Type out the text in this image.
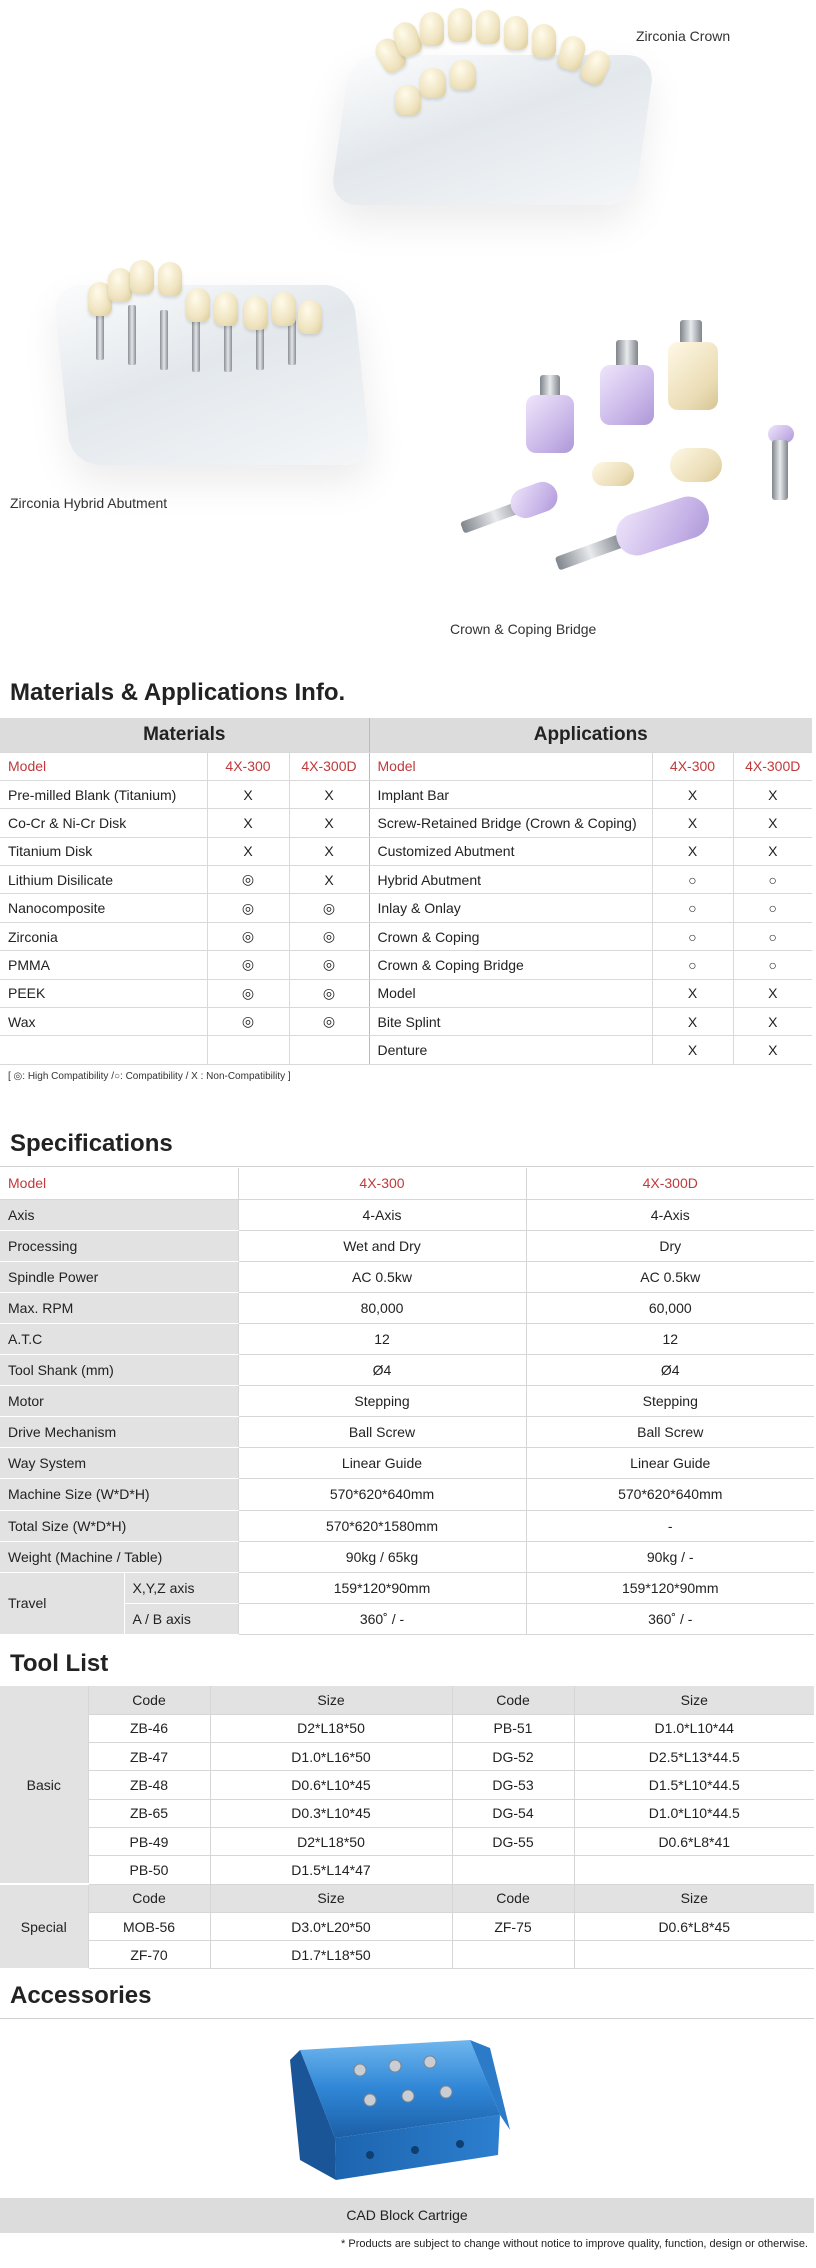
Zirconia Crown
Zirconia Hybrid Abutment
Crown & Coping Bridge
Materials & Applications Info.
Materials			Applications		
Model	4X-300	4X-300D	Model	4X-300	4X-300D
Pre-milled Blank (Titanium)	X	X	Implant Bar	X	X
Co-Cr & Ni-Cr Disk	X	X	Screw-Retained Bridge (Crown & Coping)	X	X
Titanium Disk	X	X	Customized Abutment	X	X
Lithium Disilicate	◎	X	Hybrid Abutment	○	○
Nanocomposite	◎	◎	Inlay & Onlay	○	○
Zirconia	◎	◎	Crown & Coping	○	○
PMMA	◎	◎	Crown & Coping Bridge	○	○
PEEK	◎	◎	Model	X	X
Wax	◎	◎	Bite Splint	X	X
			Denture	X	X
[ ◎: High Compatibility /○: Compatibility / X : Non-Compatibility ]
Specifications
Model		4X-300	4X-300D
Axis		4-Axis	4-Axis
Processing		Wet and Dry	Dry
Spindle Power		AC 0.5kw	AC 0.5kw
Max. RPM		80,000	60,000
A.T.C		12	12
Tool Shank (mm)		Ø4	Ø4
Motor		Stepping	Stepping
Drive Mechanism		Ball Screw	Ball Screw
Way System		Linear Guide	Linear Guide
Machine Size (W*D*H)		570*620*640mm	570*620*640mm
Total Size (W*D*H)		570*620*1580mm	-
Weight (Machine / Table)		90kg / 65kg	90kg / -
Travel	X,Y,Z axis	159*120*90mm	159*120*90mm
	A / B axis	360˚ / -	360˚ / -
Tool List
Basic	Code	Size	Code	Size
	ZB-46	D2*L18*50	PB-51	D1.0*L10*44
	ZB-47	D1.0*L16*50	DG-52	D2.5*L13*44.5
	ZB-48	D0.6*L10*45	DG-53	D1.5*L10*44.5
	ZB-65	D0.3*L10*45	DG-54	D1.0*L10*44.5
	PB-49	D2*L18*50	DG-55	D0.6*L8*41
	PB-50	D1.5*L14*47		
Special	Code	Size	Code	Size
	MOB-56	D3.0*L20*50	ZF-75	D0.6*L8*45
	ZF-70	D1.7*L18*50		
Accessories
CAD Block Cartrige
* Products are subject to change without notice to improve quality, function, design or otherwise.
